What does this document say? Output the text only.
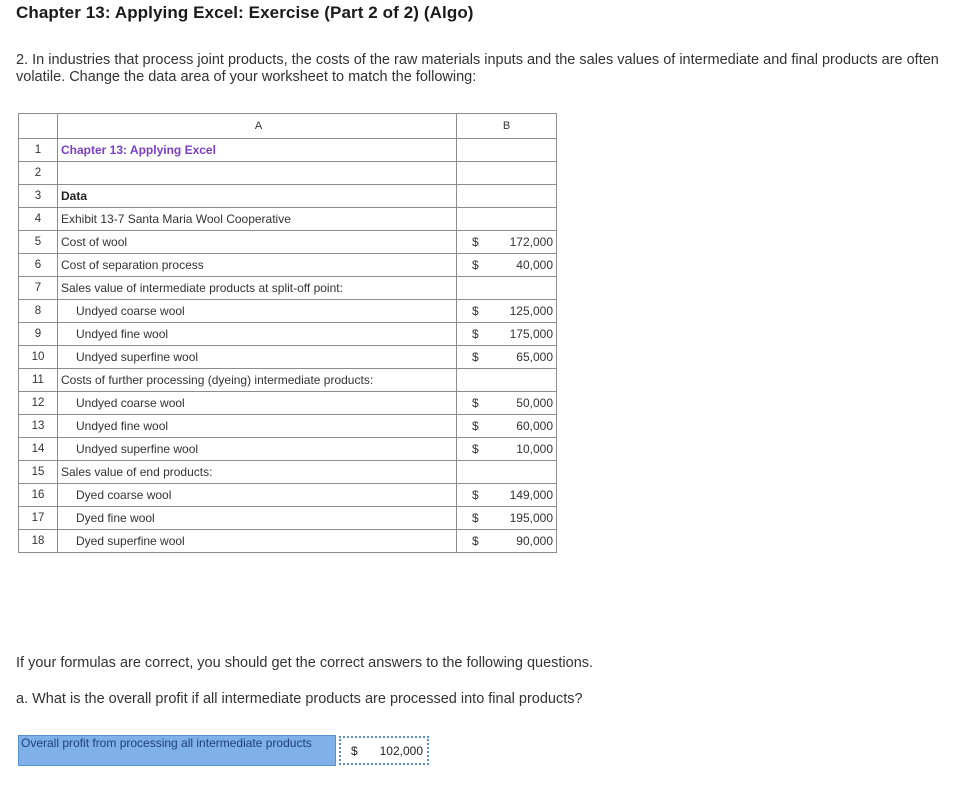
Chapter 13: Applying Excel: Exercise (Part 2 of 2) (Algo)
2. In industries that process joint products, the costs of the raw materials inputs and the sales values of intermediate and final products are often volatile. Change the data area of your worksheet to match the following:
	A	B
1	Chapter 13: Applying Excel	
2		
3	Data	
4	Exhibit 13-7 Santa Maria Wool Cooperative	
5	Cost of wool	$ 172,000

6	Cost of separation process	$ 40,000

7	Sales value of intermediate products at split-off point:	
8	Undyed coarse wool	$ 125,000

9	Undyed fine wool	$ 175,000

10	Undyed superfine wool	$ 65,000

11	Costs of further processing (dyeing) intermediate products:	
12	Undyed coarse wool	$ 50,000

13	Undyed fine wool	$ 60,000

14	Undyed superfine wool	$ 10,000

15	Sales value of end products:	
16	Dyed coarse wool	$ 149,000

17	Dyed fine wool	$ 195,000

18	Dyed superfine wool	$ 90,000
If your formulas are correct, you should get the correct answers to the following questions.
a. What is the overall profit if all intermediate products are processed into final products?
Overall profit from processing all intermediate products
$ 102,000
